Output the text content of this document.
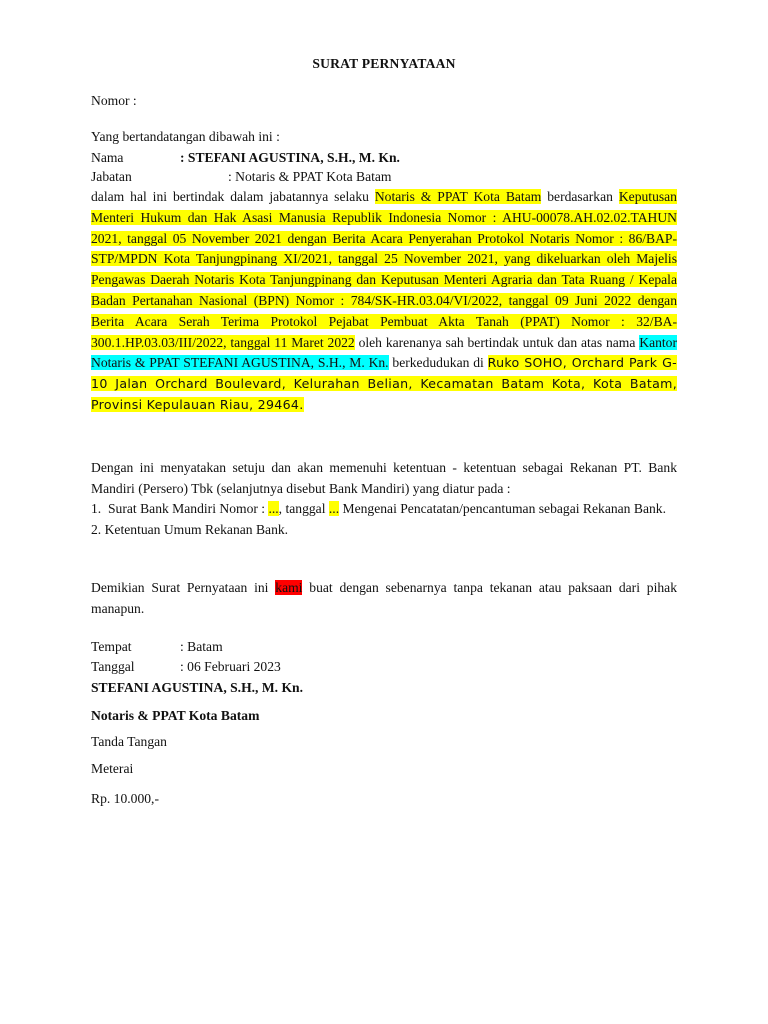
SURAT PERNYATAAN
Nomor :
Yang bertandatangan dibawah ini :
Nama	: STEFANI AGUSTINA, S.H., M. Kn.
Jabatan	: Notaris & PPAT Kota Batam
dalam hal ini bertindak dalam jabatannya selaku Notaris & PPAT Kota Batam berdasarkan Keputusan Menteri Hukum dan Hak Asasi Manusia Republik Indonesia Nomor : AHU-00078.AH.02.02.TAHUN 2021, tanggal 05 November 2021 dengan Berita Acara Penyerahan Protokol Notaris Nomor : 86/BAP-STP/MPDN Kota Tanjungpinang XI/2021, tanggal 25 November 2021, yang dikeluarkan oleh Majelis Pengawas Daerah Notaris Kota Tanjungpinang dan Keputusan Menteri Agraria dan Tata Ruang / Kepala Badan Pertanahan Nasional (BPN) Nomor : 784/SK-HR.03.04/VI/2022, tanggal 09 Juni 2022 dengan Berita Acara Serah Terima Protokol Pejabat Pembuat Akta Tanah (PPAT) Nomor : 32/BA-300.1.HP.03.03/III/2022, tanggal 11 Maret 2022 oleh karenanya sah bertindak untuk dan atas nama Kantor Notaris & PPAT STEFANI AGUSTINA, S.H., M. Kn. berkedudukan di Ruko SOHO, Orchard Park G-10 Jalan Orchard Boulevard, Kelurahan Belian, Kecamatan Batam Kota, Kota Batam, Provinsi Kepulauan Riau, 29464.
Dengan ini menyatakan setuju dan akan memenuhi ketentuan - ketentuan sebagai Rekanan PT. Bank Mandiri (Persero) Tbk (selanjutnya disebut Bank Mandiri) yang diatur pada :
1. Surat Bank Mandiri Nomor : ..., tanggal ... Mengenai Pencatatan/pencantuman sebagai Rekanan Bank.
2. Ketentuan Umum Rekanan Bank.
Demikian Surat Pernyataan ini kami buat dengan sebenarnya tanpa tekanan atau paksaan dari pihak manapun.
Tempat	: Batam
Tanggal	: 06 Februari 2023
STEFANI AGUSTINA, S.H., M. Kn.
Notaris & PPAT Kota Batam
Tanda Tangan
Meterai
Rp. 10.000,-
